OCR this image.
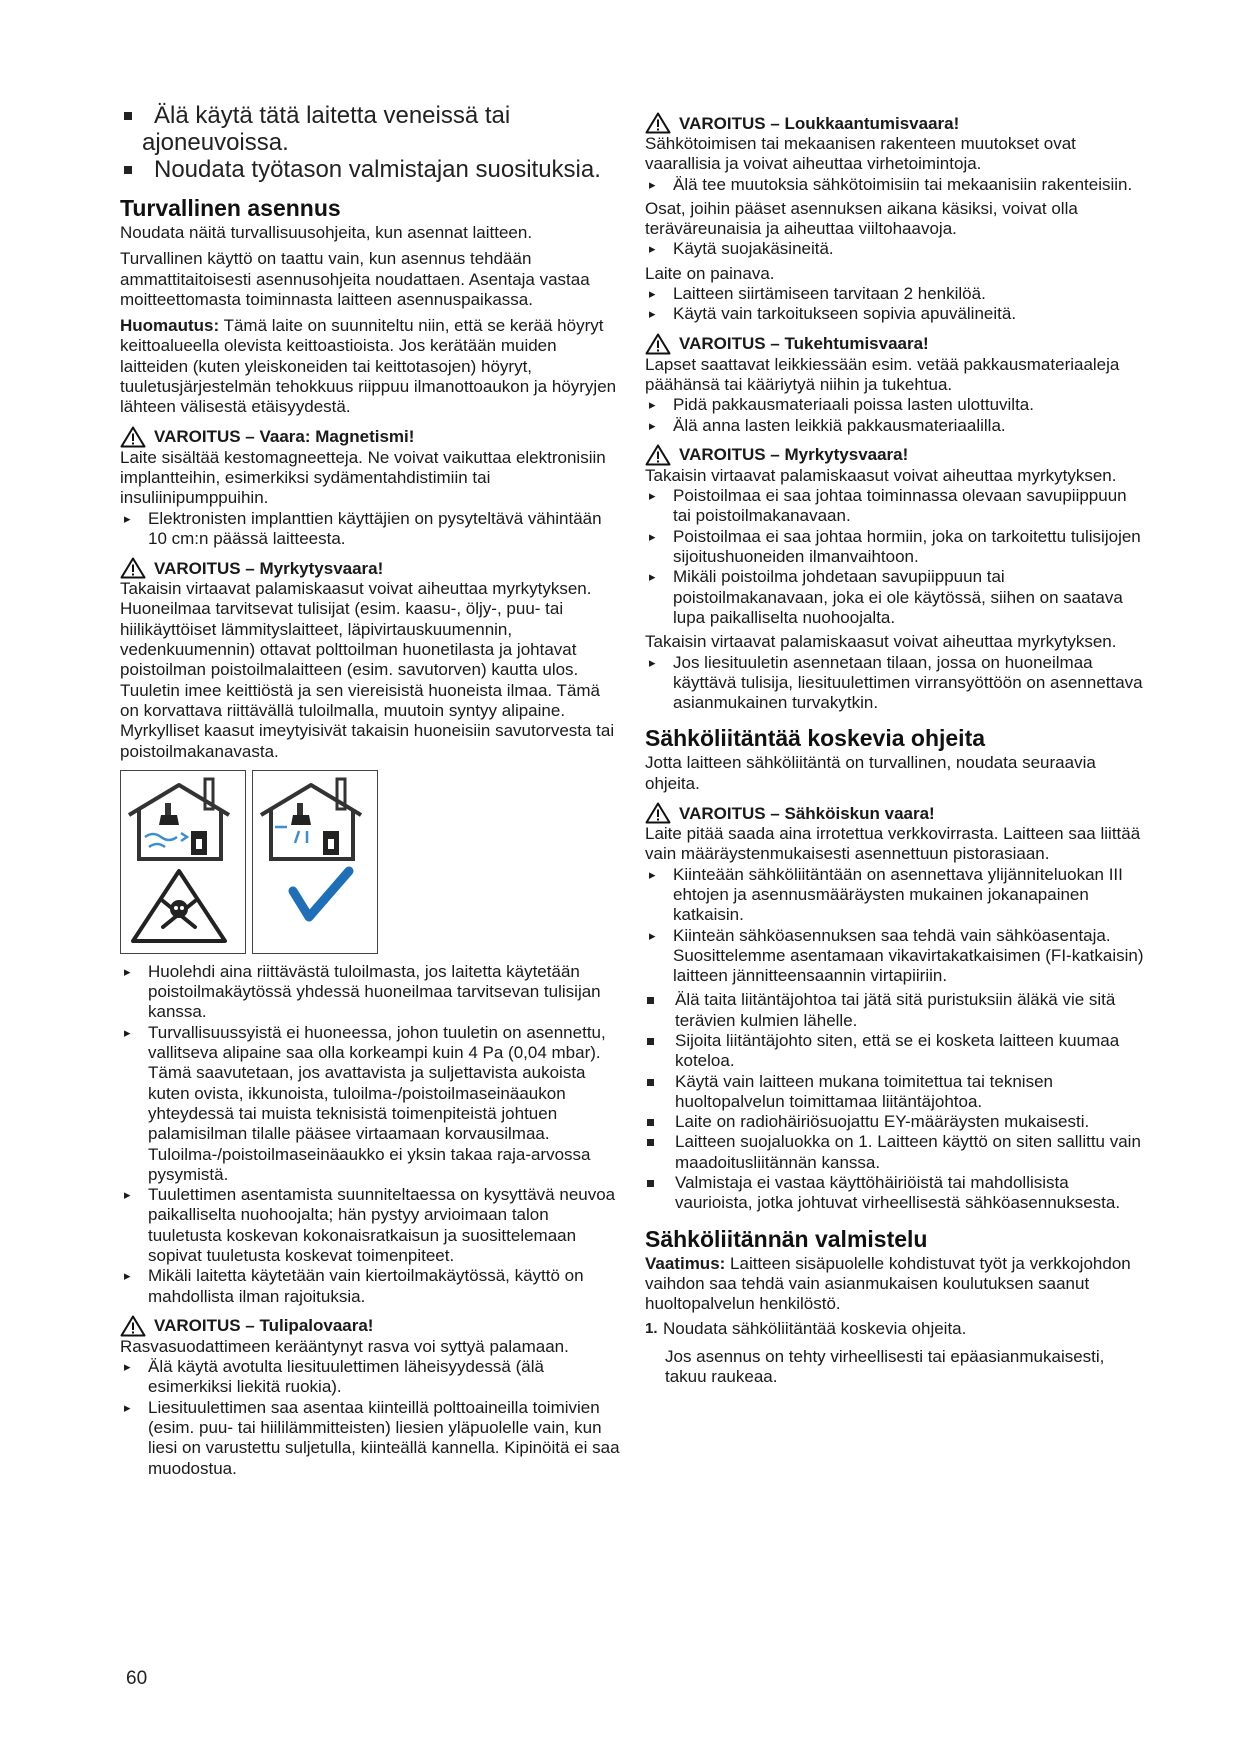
Älä käytä tätä laitetta veneissä tai
ajoneuvoissa.
Noudata työtason valmistajan suosituksia.
Turvallinen asennus

Noudata näitä turvallisuusohjeita, kun asennat laitteen.

Turvallinen käyttö on taattu vain, kun asennus tehdään ammattitaitoisesti asennusohjeita noudattaen. Asentaja vastaa moitteettomasta toiminnasta laitteen asennuspaikassa.

Huomautus: Tämä laite on suunniteltu niin, että se kerää höyryt keittoalueella olevista keittoastioista. Jos kerätään muiden laitteiden (kuten yleiskoneiden tai keittotasojen) höyryt, tuuletusjärjestelmän tehokkuus riippuu ilmanottoaukon ja höyryjen lähteen välisestä etäisyydestä.

VAROITUS – Vaara: Magnetismi!

Laite sisältää kestomagneetteja. Ne voivat vaikuttaa elektronisiin implantteihin, esimerkiksi sydämentahdistimiin tai insuliinipumppuihin.

▸ Elektronisten implanttien käyttäjien on pysyteltävä vähintään 10 cm:n päässä laitteesta.
VAROITUS – Myrkytysvaara!

Takaisin virtaavat palamiskaasut voivat aiheuttaa myrkytyksen. Huoneilmaa tarvitsevat tulisijat (esim. kaasu-, öljy-, puu- tai hiilikäyttöiset lämmityslaitteet, läpivirtauskuumennin, vedenkuumennin) ottavat polttoilman huonetilasta ja johtavat poistoilman poistoilmalaitteen (esim. savutorven) kautta ulos. Tuuletin imee keittiöstä ja sen viereisistä huoneista ilmaa. Tämä on korvattava riittävällä tuloilmalla, muutoin syntyy alipaine. Myrkylliset kaasut imeytyisivät takaisin huoneisiin savutorvesta tai poistoilmakanavasta.

▸ Huolehdi aina riittävästä tuloilmasta, jos laitetta käytetään poistoilmakäytössä yhdessä huoneilmaa tarvitsevan tulisijan kanssa.
▸ Turvallisuussyistä ei huoneessa, johon tuuletin on asennettu, vallitseva alipaine saa olla korkeampi kuin 4 Pa (0,04 mbar). Tämä saavutetaan, jos avattavista ja suljettavista aukoista kuten ovista, ikkunoista, tuloilma-/poistoilmaseinäaukon yhteydessä tai muista teknisistä toimenpiteistä johtuen palamisilman tilalle pääsee virtaamaan korvausilmaa. Tuloilma-/poistoilmaseinäaukko ei yksin takaa raja-arvossa pysymistä.
▸ Tuulettimen asentamista suunniteltaessa on kysyttävä neuvoa paikalliselta nuohoojalta; hän pystyy arvioimaan talon tuuletusta koskevan kokonaisratkaisun ja suosittelemaan sopivat tuuletusta koskevat toimenpiteet.
▸ Mikäli laitetta käytetään vain kiertoilmakäytössä, käyttö on mahdollista ilman rajoituksia.
VAROITUS – Tulipalovaara!

Rasvasuodattimeen kerääntynyt rasva voi syttyä palamaan.

▸ Älä käytä avotulta liesituulettimen läheisyydessä (älä esimerkiksi liekitä ruokia).
▸ Liesituulettimen saa asentaa kiinteillä polttoaineilla toimivien (esim. puu- tai hiililämmitteisten) liesien yläpuolelle vain, kun liesi on varustettu suljetulla, kiinteällä kannella. Kipinöitä ei saa muodostua.
60
VAROITUS – Loukkaantumisvaara!

Sähkötoimisen tai mekaanisen rakenteen muutokset ovat vaarallisia ja voivat aiheuttaa virhetoimintoja.

▸ Älä tee muutoksia sähkötoimisiin tai mekaanisiin rakenteisiin.

Osat, joihin pääset asennuksen aikana käsiksi, voivat olla teräväreunaisia ja aiheuttaa viiltohaavoja.

▸ Käytä suojakäsineitä.

Laite on painava.

▸ Laitteen siirtämiseen tarvitaan 2 henkilöä.
▸ Käytä vain tarkoitukseen sopivia apuvälineitä.
VAROITUS – Tukehtumisvaara!

Lapset saattavat leikkiessään esim. vetää pakkausmateriaaleja päähänsä tai kääriytyä niihin ja tukehtua.

▸ Pidä pakkausmateriaali poissa lasten ulottuvilta.
▸ Älä anna lasten leikkiä pakkausmateriaalilla.
VAROITUS – Myrkytysvaara!

Takaisin virtaavat palamiskaasut voivat aiheuttaa myrkytyksen.

▸ Poistoilmaa ei saa johtaa toiminnassa olevaan savupiippuun tai poistoilmakanavaan.
▸ Poistoilmaa ei saa johtaa hormiin, joka on tarkoitettu tulisijojen sijoitushuoneiden ilmanvaihtoon.
▸ Mikäli poistoilma johdetaan savupiippuun tai poistoilmakanavaan, joka ei ole käytössä, siihen on saatava lupa paikalliselta nuohoojalta.

Takaisin virtaavat palamiskaasut voivat aiheuttaa myrkytyksen.

▸ Jos liesituuletin asennetaan tilaan, jossa on huoneilmaa käyttävä tulisija, liesituulettimen virransyöttöön on asennettava asianmukainen turvakytkin.
Sähköliitäntää koskevia ohjeita

Jotta laitteen sähköliitäntä on turvallinen, noudata seuraavia ohjeita.

VAROITUS – Sähköiskun vaara!

Laite pitää saada aina irrotettua verkkovirrasta. Laitteen saa liittää vain määräystenmukaisesti asennettuun pistorasiaan.

▸ Kiinteään sähköliitäntään on asennettava ylijänniteluokan III ehtojen ja asennusmääräysten mukainen jokanapainen katkaisin.
▸ Kiinteän sähköasennuksen saa tehdä vain sähköasentaja. Suosittelemme asentamaan vikavirtakatkaisimen (FI-katkaisin) laitteen jännitteensaannin virtapiiriin.
Älä taita liitäntäjohtoa tai jätä sitä puristuksiin äläkä vie sitä terävien kulmien lähelle.
Sijoita liitäntäjohto siten, että se ei kosketa laitteen kuumaa koteloa.
Käytä vain laitteen mukana toimitettua tai teknisen huoltopalvelun toimittamaa liitäntäjohtoa.
Laite on radiohäiriösuojattu EY-määräysten mukaisesti.
Laitteen suojaluokka on 1. Laitteen käyttö on siten sallittu vain maadoitusliitännän kanssa.
Valmistaja ei vastaa käyttöhäiriöistä tai mahdollisista vaurioista, jotka johtuvat virheellisestä sähköasennuksesta.
Sähköliitännän valmistelu

Vaatimus: Laitteen sisäpuolelle kohdistuvat työt ja verkkojohdon vaihdon saa tehdä vain asianmukaisen koulutuksen saanut huoltopalvelun henkilöstö.

1. Noudata sähköliitäntää koskevia ohjeita.
Jos asennus on tehty virheellisesti tai epäasianmukaisesti, takuu raukeaa.
